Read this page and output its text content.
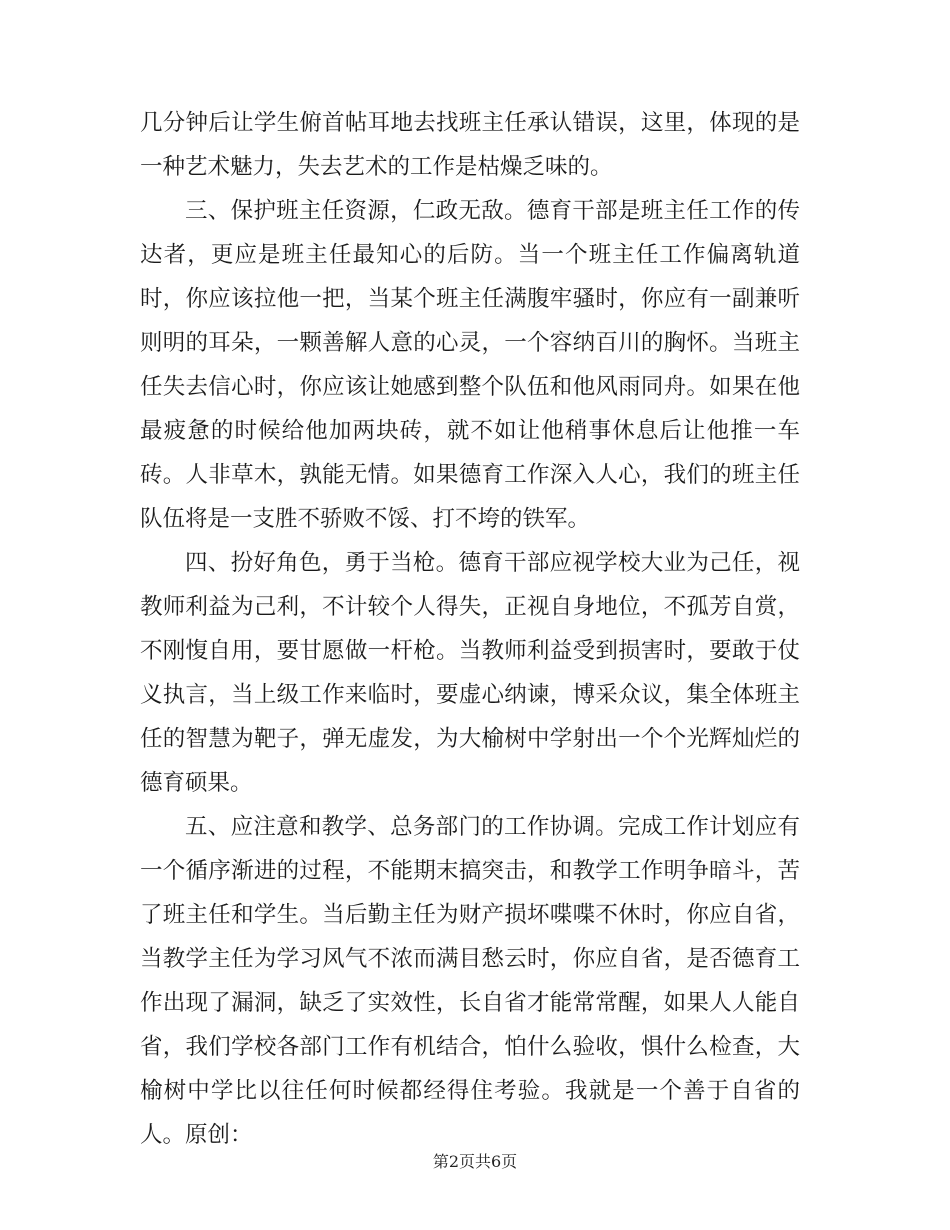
几分钟后让学生俯首帖耳地去找班主任承认错误，这里，体现的是一种艺术魅力，失去艺术的工作是枯燥乏味的。

三、保护班主任资源，仁政无敌。德育干部是班主任工作的传达者，更应是班主任最知心的后防。当一个班主任工作偏离轨道时，你应该拉他一把，当某个班主任满腹牢骚时，你应有一副兼听则明的耳朵，一颗善解人意的心灵，一个容纳百川的胸怀。当班主任失去信心时，你应该让她感到整个队伍和他风雨同舟。如果在他最疲惫的时候给他加两块砖，就不如让他稍事休息后让他推一车砖。人非草木，孰能无情。如果德育工作深入人心，我们的班主任队伍将是一支胜不骄败不馁、打不垮的铁军。

四、扮好角色，勇于当枪。德育干部应视学校大业为己任，视教师利益为己利，不计较个人得失，正视自身地位，不孤芳自赏，不刚愎自用，要甘愿做一杆枪。当教师利益受到损害时，要敢于仗义执言，当上级工作来临时，要虚心纳谏，博采众议，集全体班主任的智慧为靶子，弹无虚发，为大榆树中学射出一个个光辉灿烂的德育硕果。

五、应注意和教学、总务部门的工作协调。完成工作计划应有一个循序渐进的过程，不能期末搞突击，和教学工作明争暗斗，苦了班主任和学生。当后勤主任为财产损坏喋喋不休时，你应自省，当教学主任为学习风气不浓而满目愁云时，你应自省，是否德育工作出现了漏洞，缺乏了实效性，长自省才能常常醒，如果人人能自省，我们学校各部门工作有机结合，怕什么验收，惧什么检查，大榆树中学比以往任何时候都经得住考验。我就是一个善于自省的人。原创：

第2页共6页
